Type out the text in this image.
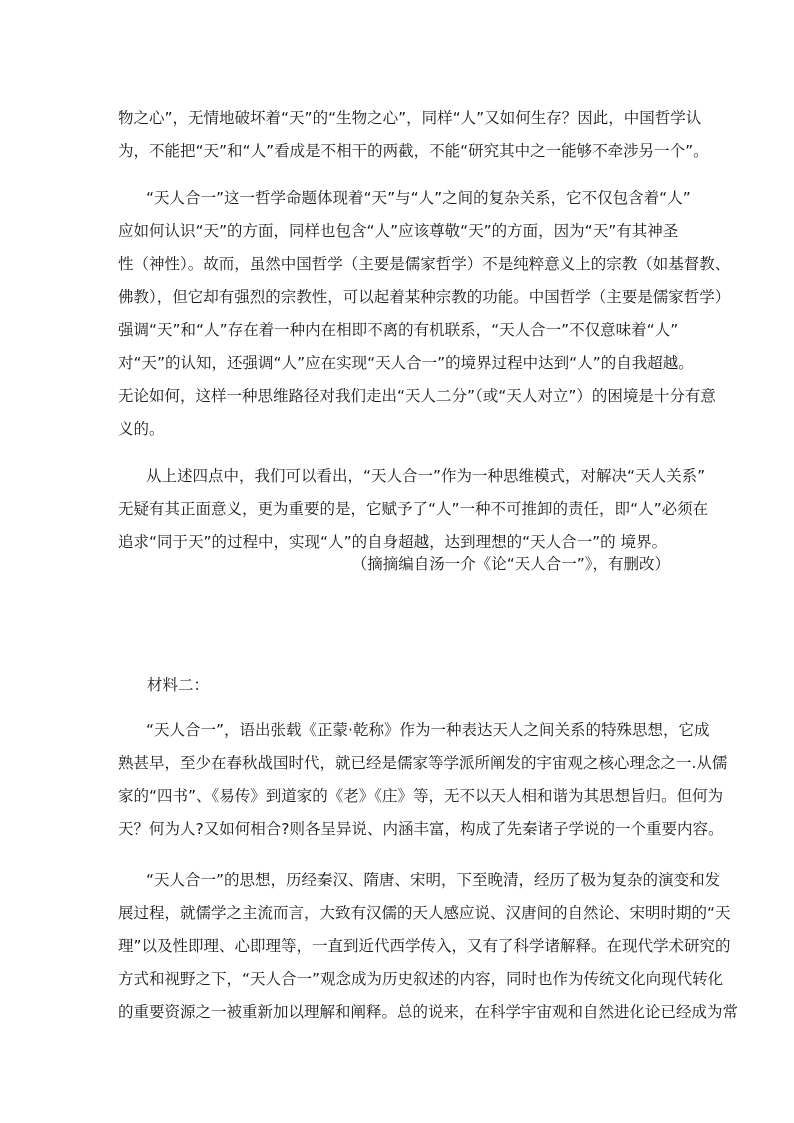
物之心”，无情地破坏着“天”的“生物之心”，同样“人”又如何生存？因此，中国哲学认
为，不能把“天”和“人”看成是不相干的两截，不能“研究其中之一能够不牵涉另一个”。
“天人合一”这一哲学命题体现着“天”与“人”之间的复杂关系，它不仅包含着“人”
应如何认识“天”的方面，同样也包含“人”应该尊敬“天”的方面，因为“天”有其神圣
性（神性）。故而，虽然中国哲学（主要是儒家哲学）不是纯粹意义上的宗教（如基督教、
佛教），但它却有强烈的宗教性，可以起着某种宗教的功能。中国哲学（主要是儒家哲学）
强调“天”和“人”存在着一种内在相即不离的有机联系，“天人合一”不仅意味着“人”
对“天”的认知，还强调“人”应在实现“天人合一”的境界过程中达到“人”的自我超越。
无论如何，这样一种思维路径对我们走出“天人二分”（或“天人对立”）的困境是十分有意
义的。
从上述四点中，我们可以看出，“天人合一”作为一种思维模式，对解决“天人关系”
无疑有其正面意义，更为重要的是，它赋予了“人”一种不可推卸的责任，即“人”必须在
追求“同于天”的过程中，实现“人”的自身超越，达到理想的“天人合一”的 境界。
（摘摘编自汤一介《论“天人合一”》，有删改）
材料二：
“天人合一”，语出张载《正蒙·乾称》作为一种表达天人之间关系的特殊思想，它成
熟甚早，至少在春秋战国时代，就已经是儒家等学派所阐发的宇宙观之核心理念之一.从儒
家的“四书”、《易传》到道家的《老》《庄》等，无不以天人相和谐为其思想旨归。但何为
天？何为人?又如何相合?则各呈异说、内涵丰富，构成了先秦诸子学说的一个重要内容。
“天人合一”的思想，历经秦汉、隋唐、宋明，下至晚清，经历了极为复杂的演变和发
展过程，就儒学之主流而言，大致有汉儒的天人感应说、汉唐间的自然论、宋明时期的“天
理”以及性即理、心即理等，一直到近代西学传入，又有了科学诸解释。在现代学术研究的
方式和视野之下，“天人合一”观念成为历史叙述的内容，同时也作为传统文化向现代转化
的重要资源之一被重新加以理解和阐释。总的说来，在科学宇宙观和自然进化论已经成为常
